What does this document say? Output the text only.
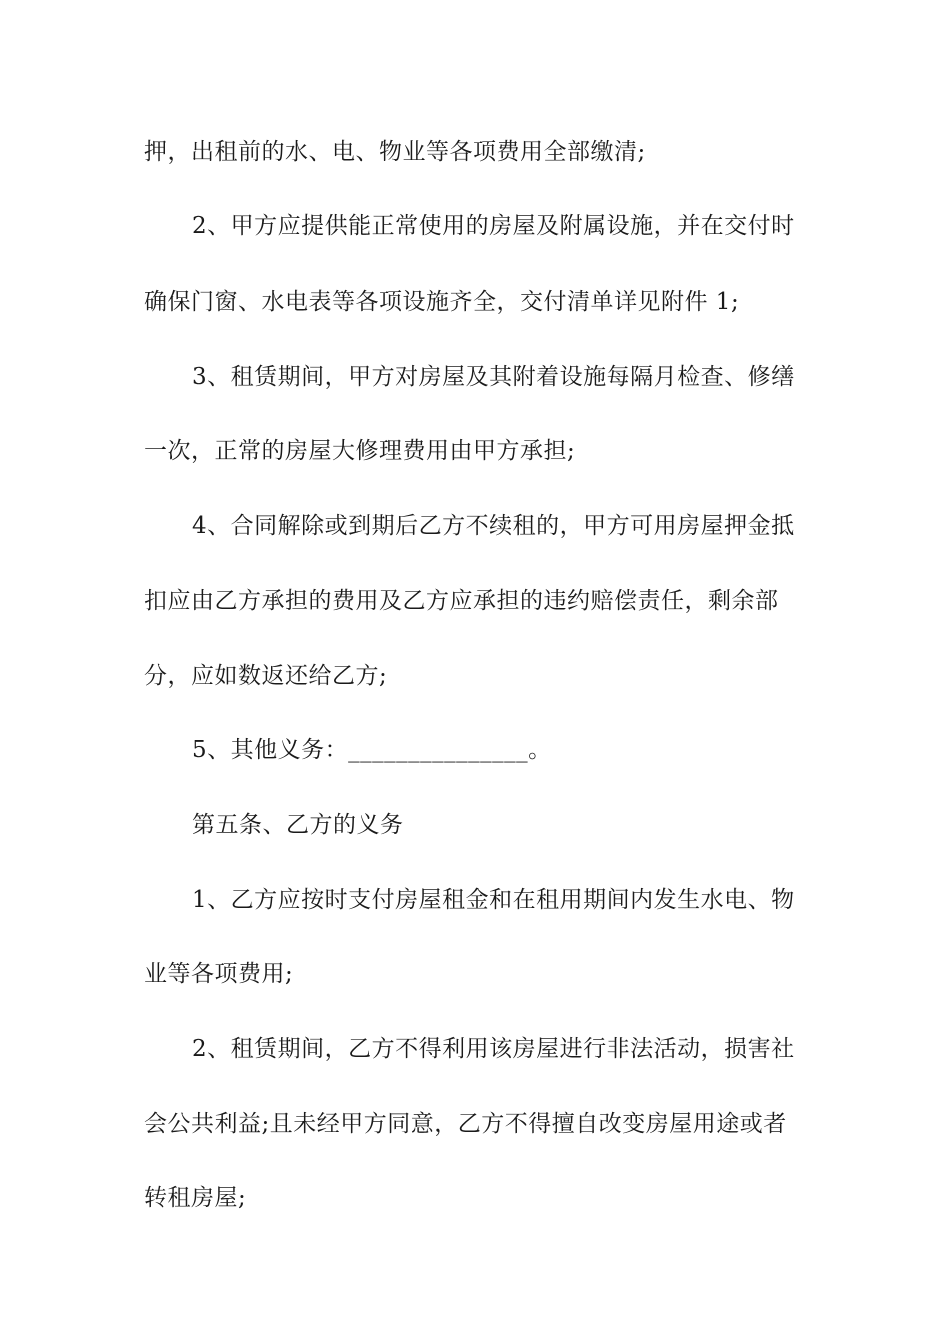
押，出租前的水、电、物业等各项费用全部缴清;

2、甲方应提供能正常使用的房屋及附属设施，并在交付时

确保门窗、水电表等各项设施齐全，交付清单详见附件 1;

3、租赁期间，甲方对房屋及其附着设施每隔月检查、修缮

一次，正常的房屋大修理费用由甲方承担;

4、合同解除或到期后乙方不续租的，甲方可用房屋押金抵

扣应由乙方承担的费用及乙方应承担的违约赔偿责任，剩余部

分，应如数返还给乙方;

5、其他义务：_______________。

第五条、乙方的义务

1、乙方应按时支付房屋租金和在租用期间内发生水电、物

业等各项费用;

2、租赁期间，乙方不得利用该房屋进行非法活动，损害社

会公共利益;且未经甲方同意，乙方不得擅自改变房屋用途或者

转租房屋;
